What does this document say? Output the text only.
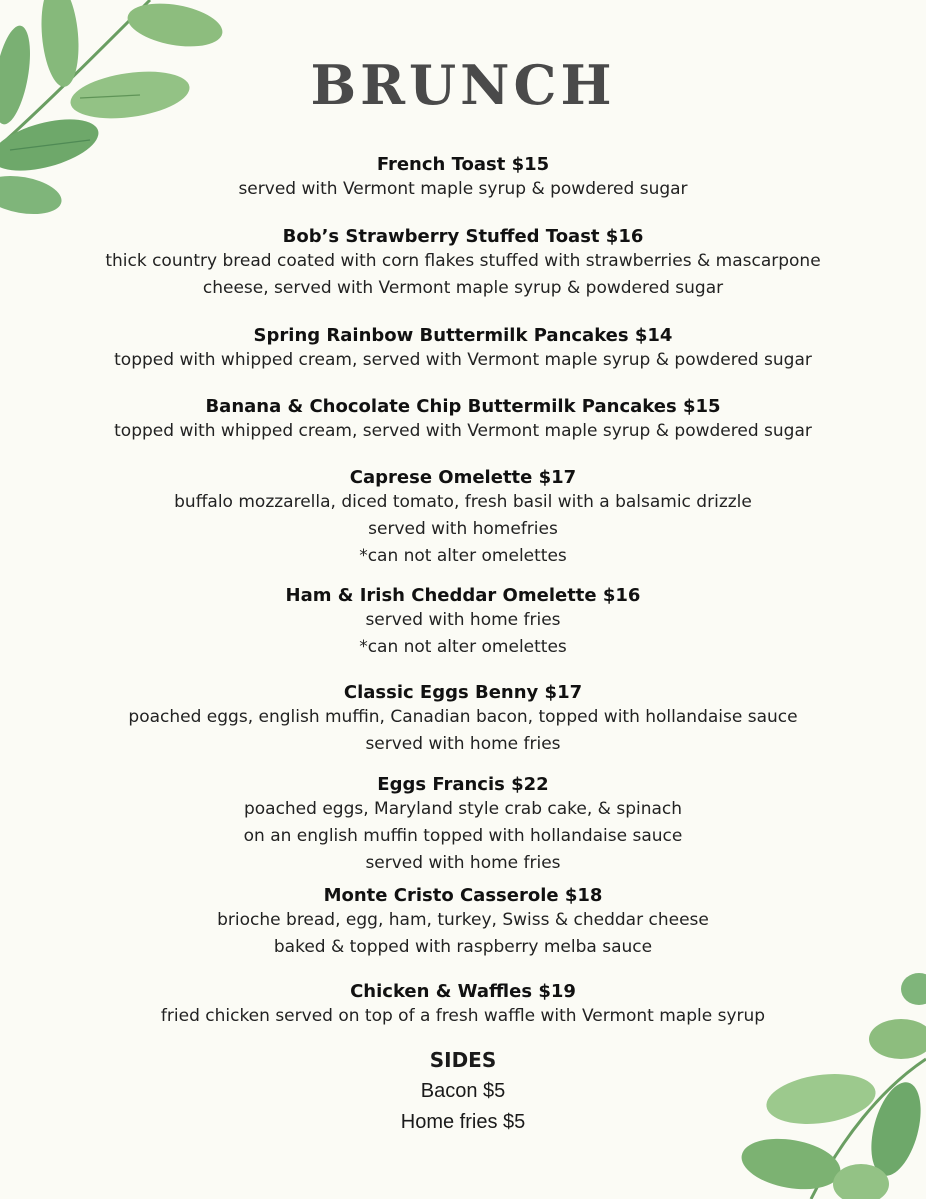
BRUNCH
French Toast $15

served with Vermont maple syrup & powdered sugar

Bob’s Strawberry Stuffed Toast $16

thick country bread coated with corn flakes stuffed with strawberries & mascarpone

cheese, served with Vermont maple syrup & powdered sugar

Spring Rainbow Buttermilk Pancakes $14

topped with whipped cream, served with Vermont maple syrup & powdered sugar

Banana & Chocolate Chip Buttermilk Pancakes $15

topped with whipped cream, served with Vermont maple syrup & powdered sugar

Caprese Omelette $17

buffalo mozzarella, diced tomato, fresh basil with a balsamic drizzle

served with homefries

*can not alter omelettes

Ham & Irish Cheddar Omelette $16

served with home fries

*can not alter omelettes

Classic Eggs Benny $17

poached eggs, english muffin, Canadian bacon, topped with hollandaise sauce

served with home fries

Eggs Francis $22

poached eggs, Maryland style crab cake, & spinach

on an english muffin topped with hollandaise sauce

served with home fries

Monte Cristo Casserole $18

brioche bread, egg, ham, turkey, Swiss & cheddar cheese

baked & topped with raspberry melba sauce

Chicken & Waffles $19

fried chicken served on top of a fresh waffle with Vermont maple syrup

SIDES

Bacon $5

Home fries $5
